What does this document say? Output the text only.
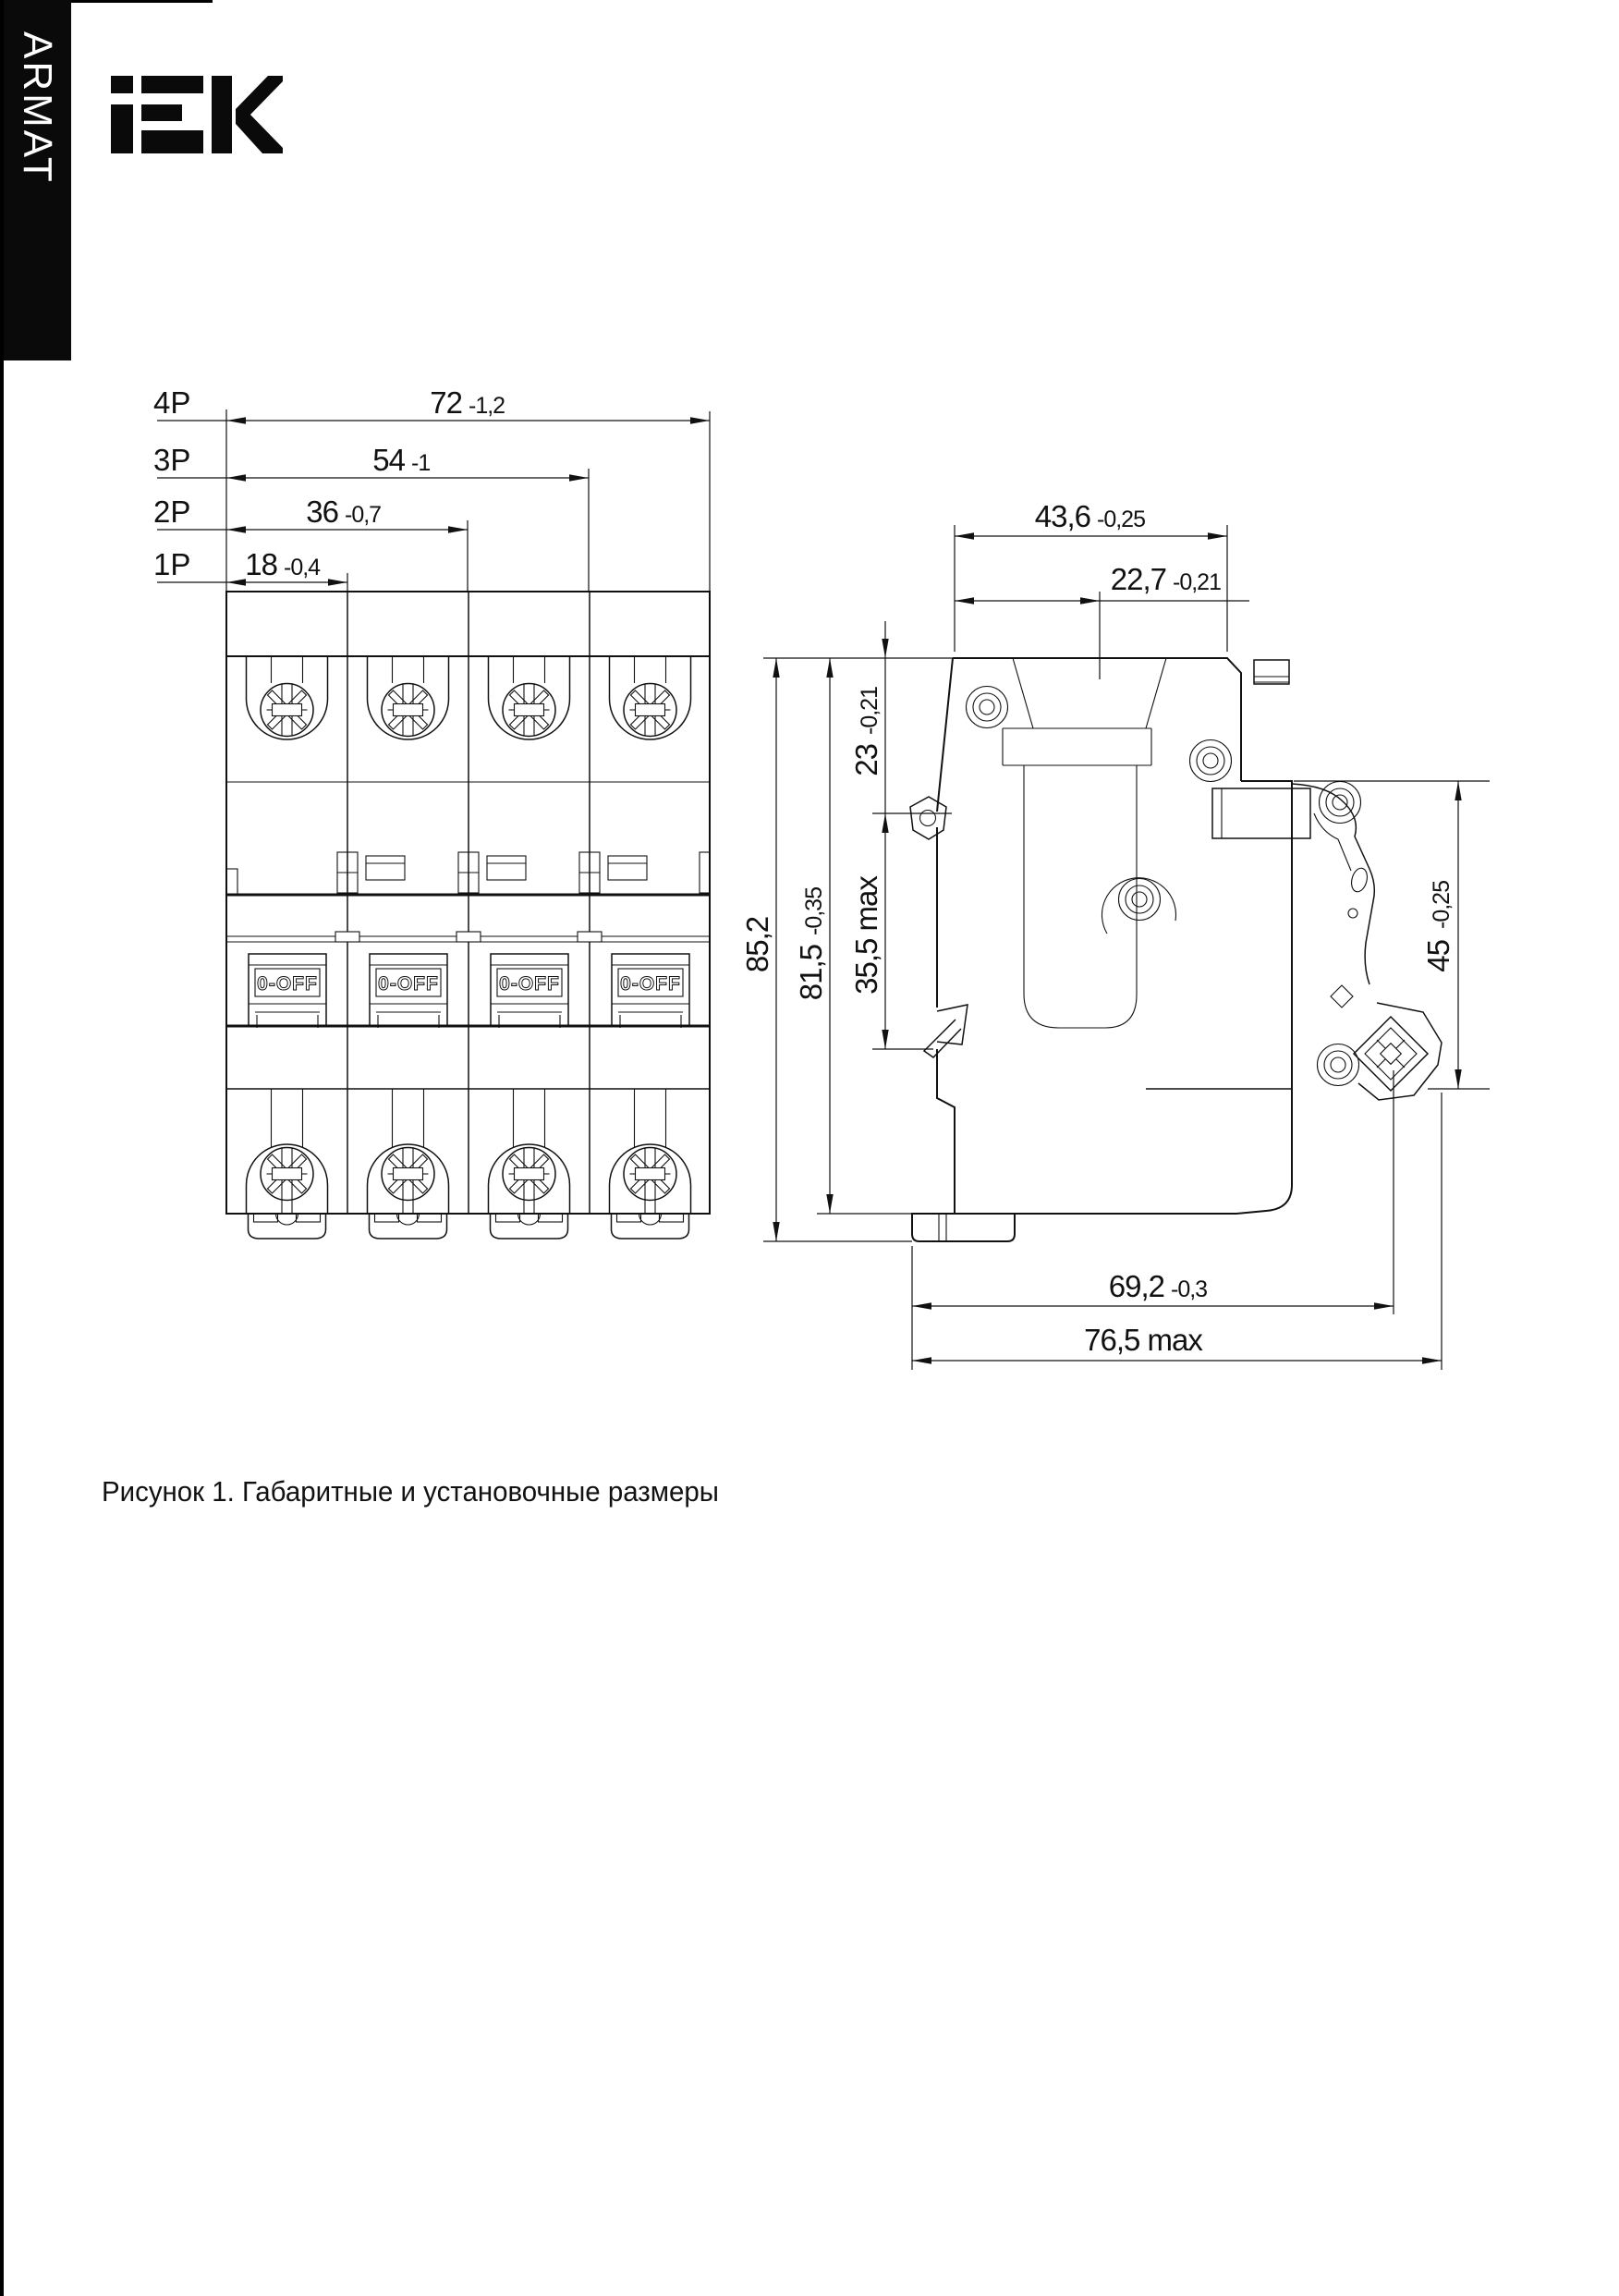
ARMAT
0-OFF	0-OFF	0-OFF	0-OFF
4P	72 -1,2
3P	54 -1
2P	36 -0,7
1P 18 -0,4
43,6 -0,25
22,7 -0,21
23
-0,21
35,5 max
85,2 81,5
-0,35
45
-0,25
69,2 -0,3
76,5 max
Рисунок 1. Габаритные и установочные размеры
